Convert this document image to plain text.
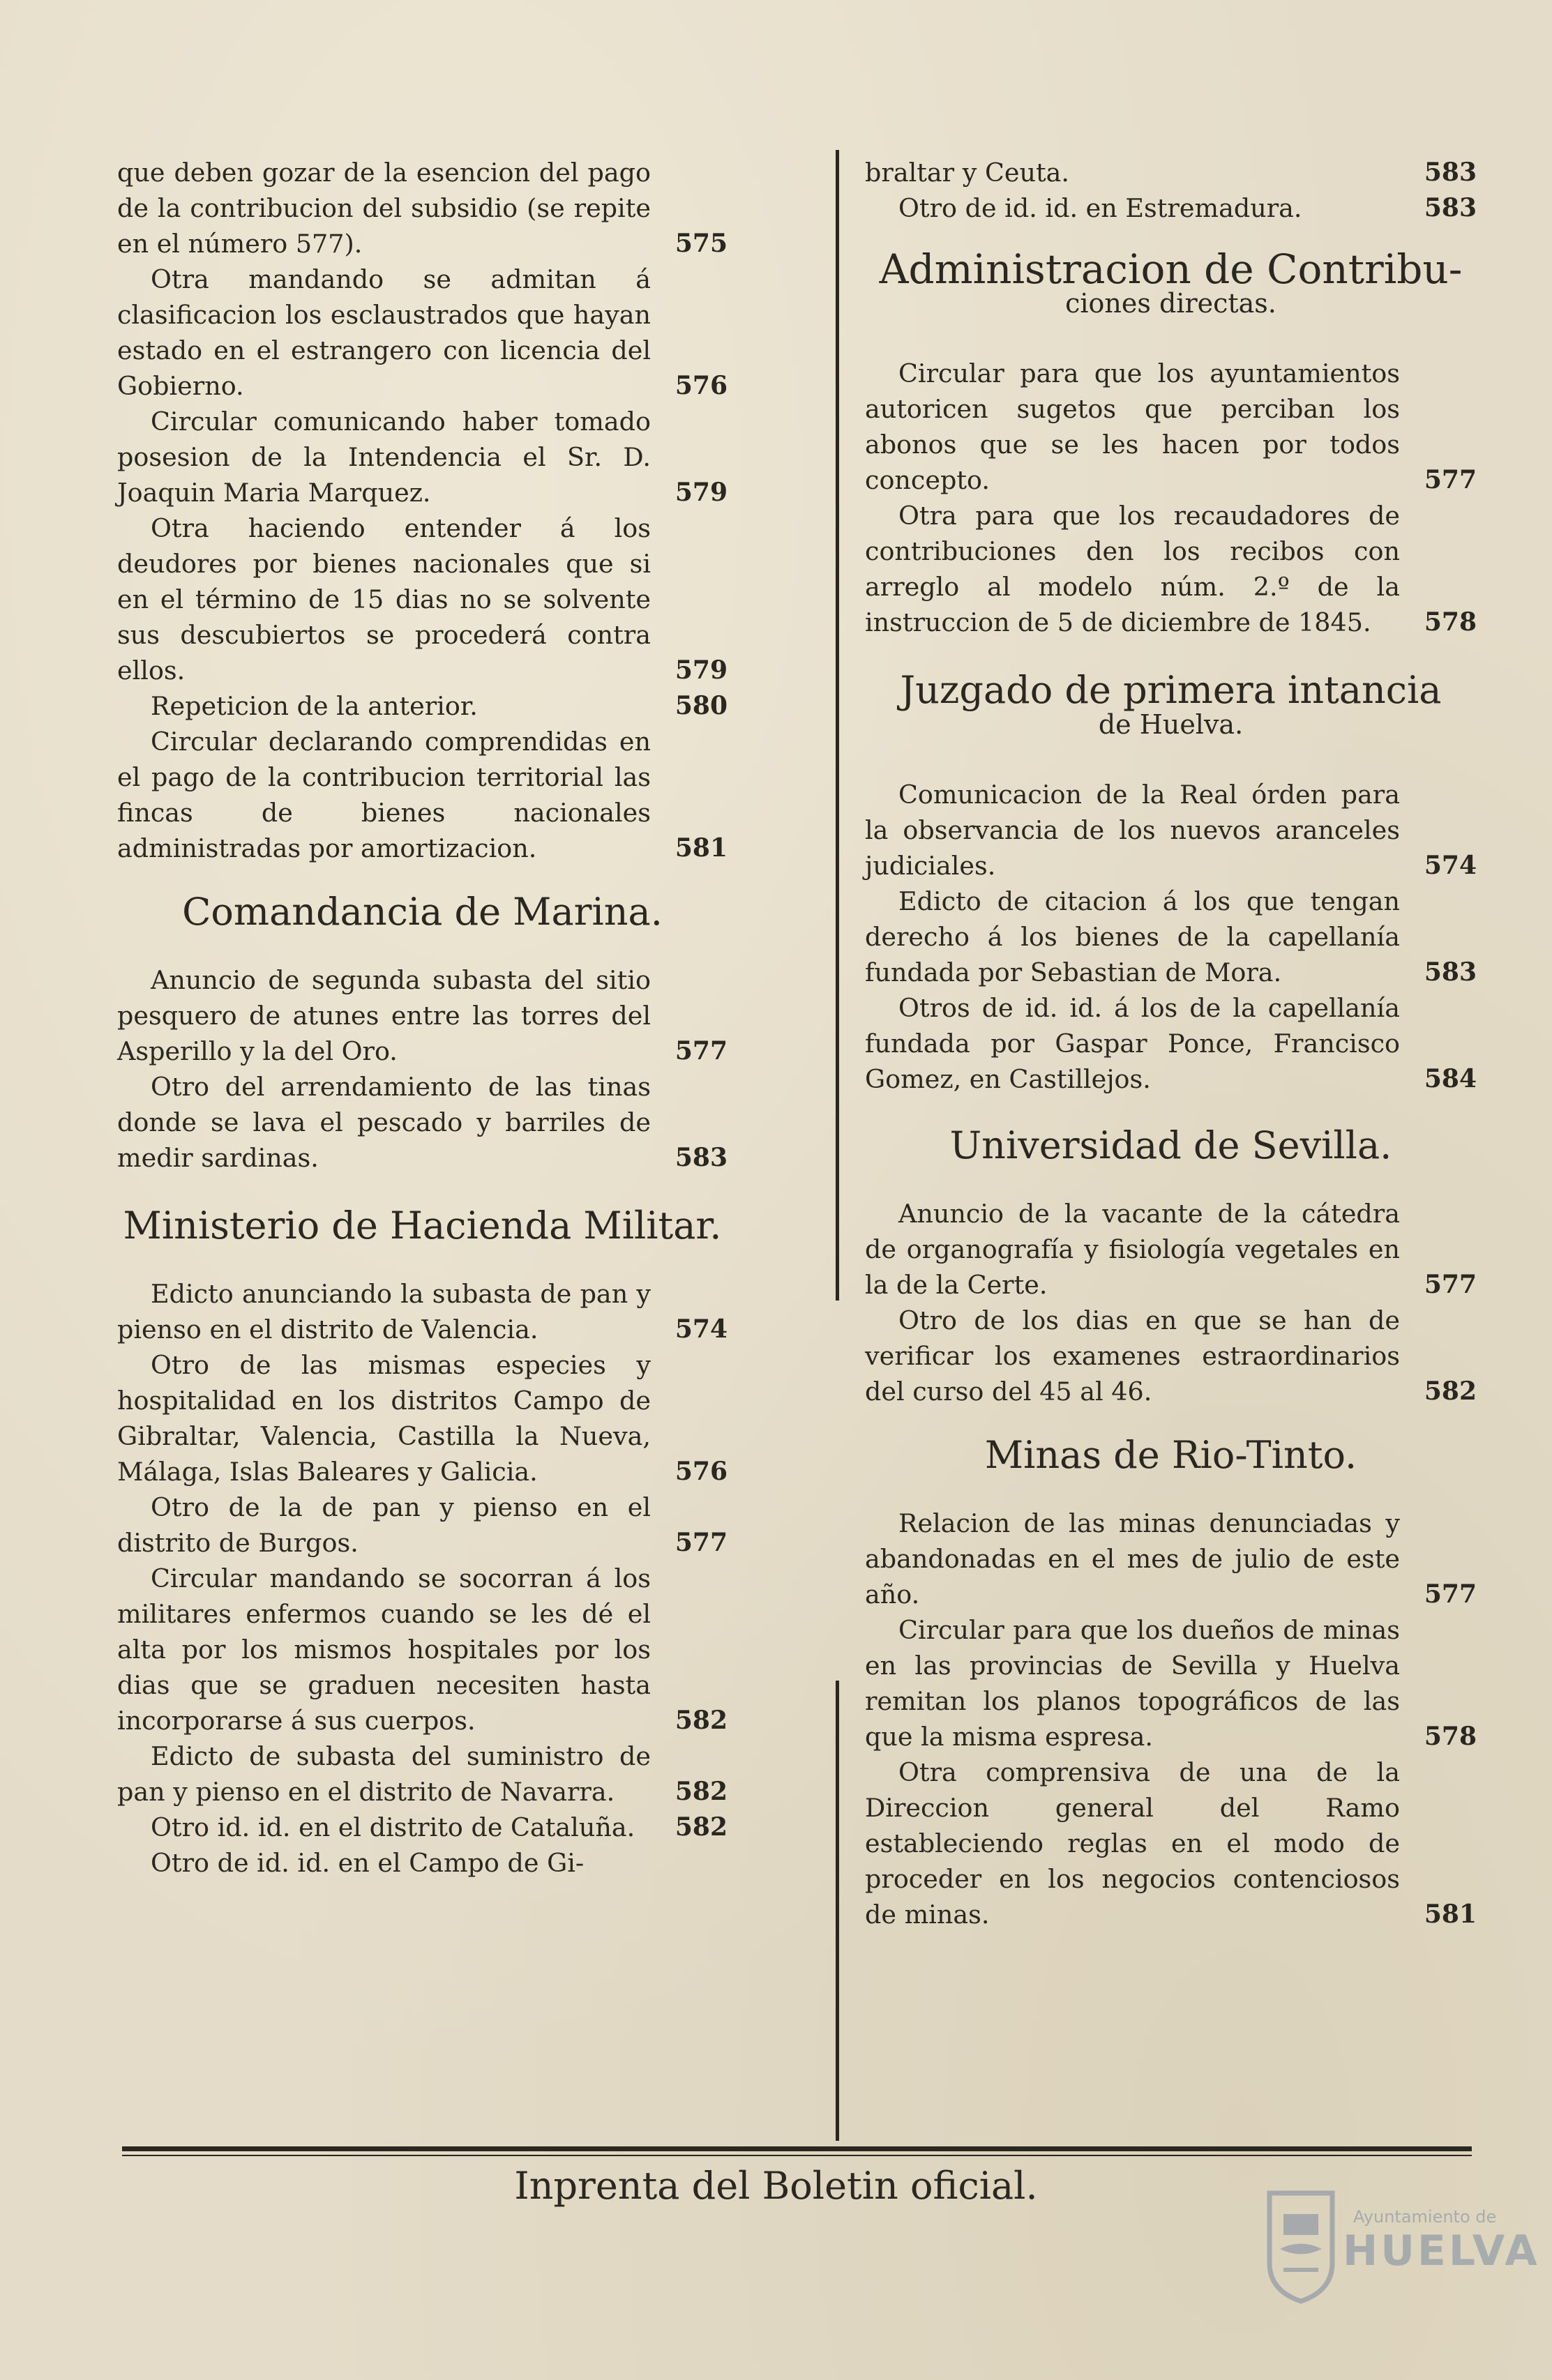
que deben gozar de la esencion del pago de la contribucion del subsidio (se repite en el número 577).	575
Otra mandando se admitan á clasificacion los esclaustrados que hayan estado en el estrangero con licencia del Gobierno.	576
Circular comunicando haber tomado posesion de la Intendencia el Sr. D. Joaquin Maria Marquez.	579
Otra haciendo entender á los deudores por bienes nacionales que si en el término de 15 dias no se solvente sus descubiertos se procederá contra ellos.	579
Repeticion de la anterior.	580
Circular declarando comprendidas en el pago de la contribucion territorial las fincas de bienes nacionales administradas por amortizacion.	581
Comandancia de Marina.
Anuncio de segunda subasta del sitio pesquero de atunes entre las torres del Asperillo y la del Oro.	577
Otro del arrendamiento de las tinas donde se lava el pescado y barriles de medir sardinas.	583
Ministerio de Hacienda Militar.
Edicto anunciando la subasta de pan y pienso en el distrito de Valencia.	574
Otro de las mismas especies y hospitalidad en los distritos Campo de Gibraltar, Valencia, Castilla la Nueva, Málaga, Islas Baleares y Galicia.	576
Otro de la de pan y pienso en el distrito de Burgos.	577
Circular mandando se socorran á los militares enfermos cuando se les dé el alta por los mismos hospitales por los dias que se graduen necesiten hasta incorporarse á sus cuerpos.	582
Edicto de subasta del suministro de pan y pienso en el distrito de Navarra.	582
Otro id. id. en el distrito de Cataluña.	582
Otro de id. id. en el Campo de Gi-
braltar y Ceuta.	583
Otro de id. id. en Estremadura.	583
Administracion de Contribu-
ciones directas.
Circular para que los ayuntamientos autoricen sugetos que perciban los abonos que se les hacen por todos concepto.	577
Otra para que los recaudadores de contribuciones den los recibos con arreglo al modelo núm. 2.º de la instruccion de 5 de diciembre de 1845.	578
Juzgado de primera intancia
de Huelva.
Comunicacion de la Real órden para la observancia de los nuevos aranceles judiciales.	574
Edicto de citacion á los que tengan derecho á los bienes de la capellanía fundada por Sebastian de Mora.	583
Otros de id. id. á los de la capellanía fundada por Gaspar Ponce, Francisco Gomez, en Castillejos.	584
Universidad de Sevilla.
Anuncio de la vacante de la cátedra de organografía y fisiología vegetales en la de la Certe.	577
Otro de los dias en que se han de verificar los examenes estraordinarios del curso del 45 al 46.	582
Minas de Rio-Tinto.
Relacion de las minas denunciadas y abandonadas en el mes de julio de este año.	577
Circular para que los dueños de minas en las provincias de Sevilla y Huelva remitan los planos topográficos de las que la misma espresa.	578
Otra comprensiva de una de la Direccion general del Ramo estableciendo reglas en el modo de proceder en los negocios contenciosos de minas.	581
Inprenta del Boletin oficial.
Ayuntamiento de
HUELVA
